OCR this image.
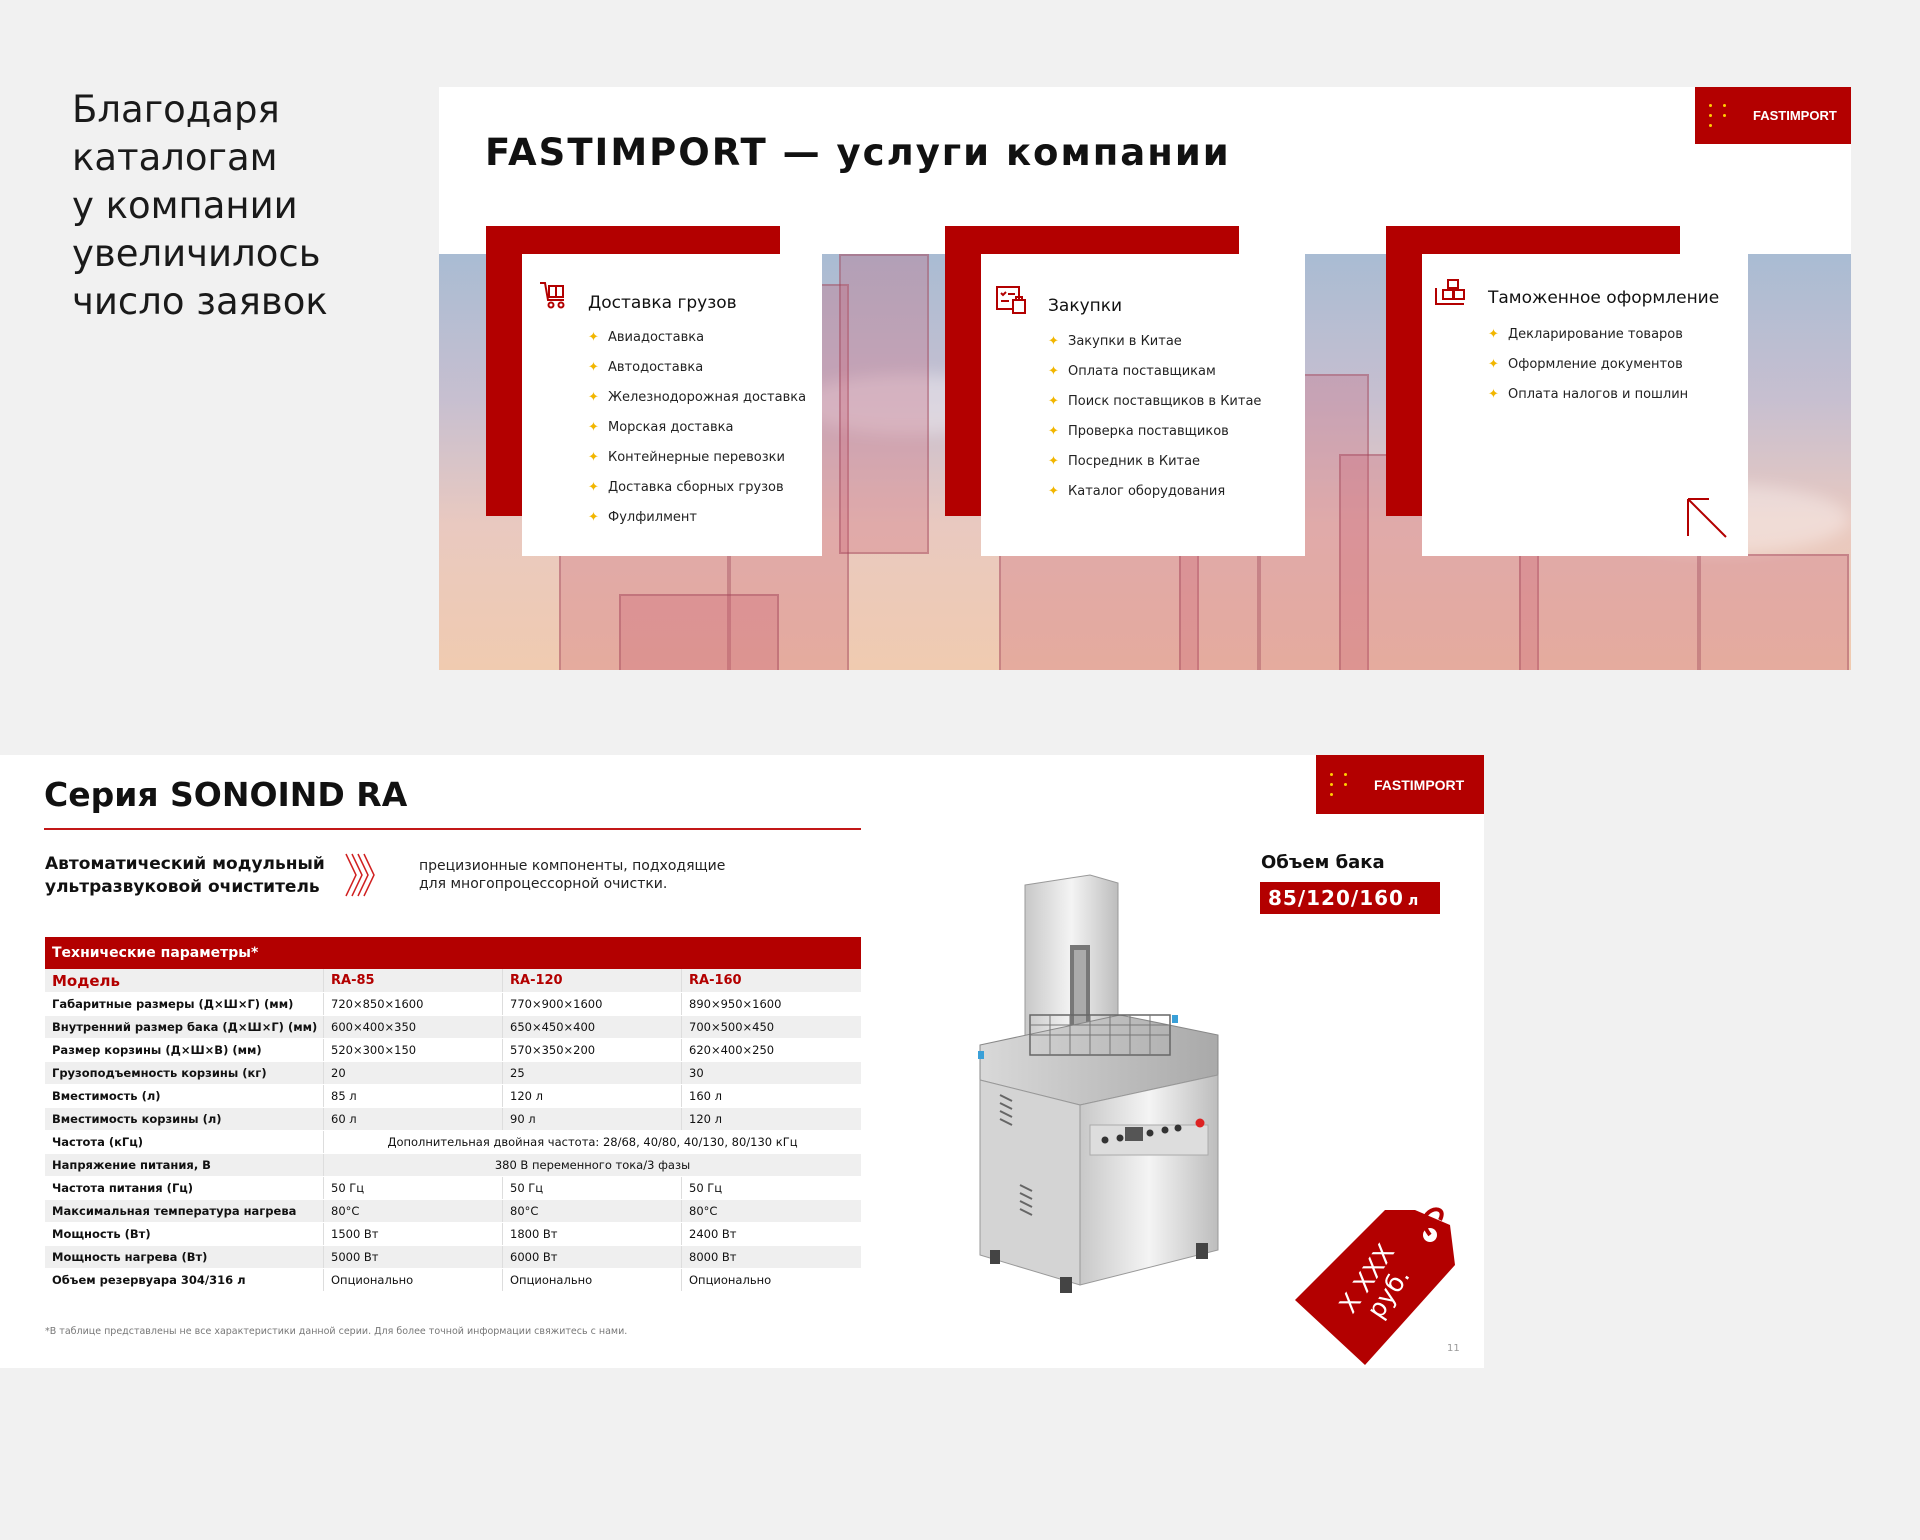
Благодаря
каталогам
у компании
увеличилось
число заявок
FASTIMPORT — услуги компании
FASTIMPORT
Доставка грузов
✦ Авиадоставка
✦ Автодоставка
✦ Железнодорожная доставка
✦ Морская доставка
✦ Контейнерные перевозки
✦ Доставка сборных грузов
✦ Фулфилмент
Закупки
✦ Закупки в Китае
✦ Оплата поставщикам
✦ Поиск поставщиков в Китае
✦ Проверка поставщиков
✦ Посредник в Китае
✦ Каталог оборудования
Таможенное оформление
✦ Декларирование товаров
✦ Оформление документов
✦ Оплата налогов и пошлин
Серия SONOIND RA	FASTIMPORT
Автоматический модульный ультразвуковой очиститель
прецизионные компоненты, подходящие для многопроцессорной очистки.
Технические параметры*
Модель	RA-85	RA-120	RA-160
Габаритные размеры (Д×Ш×Г) (мм)	720×850×1600	770×900×1600	890×950×1600
Внутренний размер бака (Д×Ш×Г) (мм)	600×400×350	650×450×400	700×500×450
Размер корзины (Д×Ш×В) (мм)	520×300×150	570×350×200	620×400×250
Грузоподъемность корзины (кг)	20	25	30
Вместимость (л)	85 л	120 л	160 л
Вместимость корзины (л)	60 л	90 л	120 л
Частота (кГц)	Дополнительная двойная частота: 28/68, 40/80, 40/130, 80/130 кГц
Напряжение питания, В	380 В переменного тока/3 фазы
Частота питания (Гц)	50 Гц	50 Гц	50 Гц
Максимальная температура нагрева	80°C	80°C	80°C
Мощность (Вт)	1500 Вт	1800 Вт	2400 Вт
Мощность нагрева (Вт)	5000 Вт	6000 Вт	8000 Вт
Объем резервуара 304/316 л	Опционально	Опционально	Опционально
*В таблице представлены не все характеристики данной серии. Для более точной информации свяжитесь с нами.
11
Объем бака
85/120/160 л
X XXX руб.
